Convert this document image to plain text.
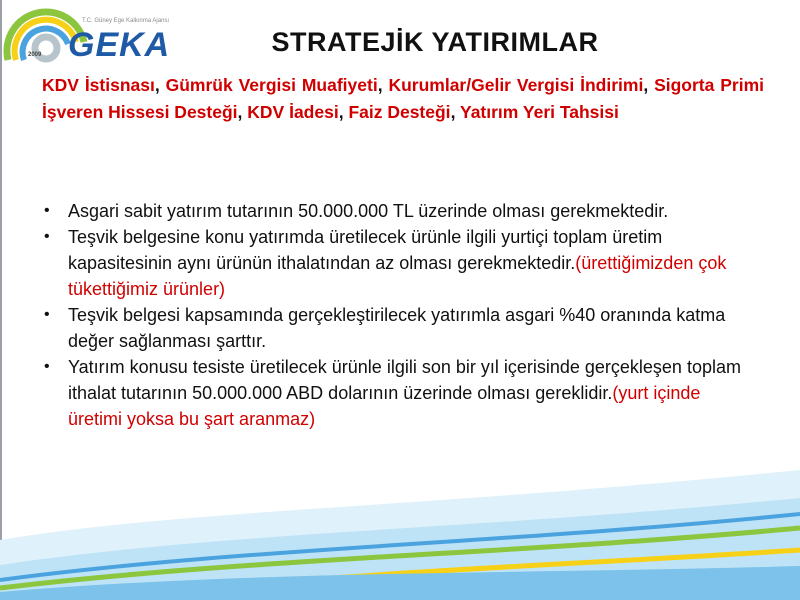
T.C. Güney Ege Kalkınma Ajansı
GEKA
2009	STRATEJİK YATIRIMLAR
KDV İstisnası, Gümrük Vergisi Muafiyeti, Kurumlar/Gelir Vergisi İndirimi, Sigorta Primi İşveren Hissesi Desteği, KDV İadesi, Faiz Desteği, Yatırım Yeri Tahsisi
• Asgari sabit yatırım tutarının 50.000.000 TL üzerinde olması gerekmektedir.
• Teşvik belgesine konu yatırımda üretilecek ürünle ilgili yurtiçi toplam üretim kapasitesinin aynı ürünün ithalatından az olması gerekmektedir.(ürettiğimizden çok tükettiğimiz ürünler)
• Teşvik belgesi kapsamında gerçekleştirilecek yatırımla asgari %40 oranında katma değer sağlanması şarttır.
• Yatırım konusu tesiste üretilecek ürünle ilgili son bir yıl içerisinde gerçekleşen toplam ithalat tutarının 50.000.000 ABD dolarının üzerinde olması gereklidir.(yurt içinde üretimi yoksa bu şart aranmaz)
